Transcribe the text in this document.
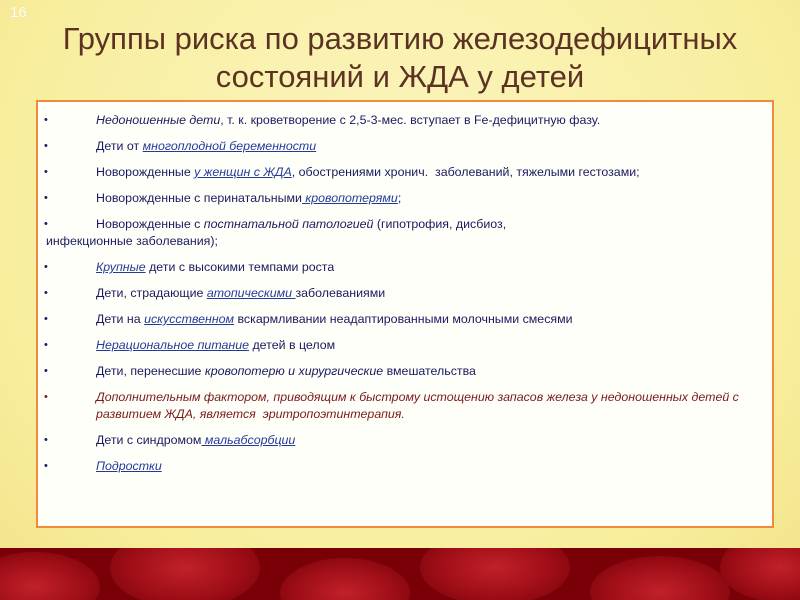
16
Группы риска по развитию железодефицитных
состояний и ЖДА у детей
•	Недоношенные дети, т. к. кроветворение с 2,5-3-мес. вступает в Fe-дефицитную фазу.
•	Дети от многоплодной беременности
•	Новорожденные у женщин с ЖДА, обострениями хронич.  заболеваний, тяжелыми гестозами;
•	Новорожденные с перинатальными кровопотерями;
•	Новорожденные с постнатальной патологией (гипотрофия, дисбиоз,
инфекционные заболевания);
•	Крупные дети с высокими темпами роста
•	Дети, страдающие атопическими заболеваниями
•	Дети на искусственном вскармливании неадаптированными молочными смесями
•	Нерациональное питание детей в целом
•	Дети, перенесшие кровопотерю и хирургические вмешательства
•	Дополнительным фактором, приводящим к быстрому истощению запасов железа у недоношенных детей с развитием ЖДА, является  эритропоэтинтерапия.
•	Дети с синдромом мальабсорбции
•	Подростки
